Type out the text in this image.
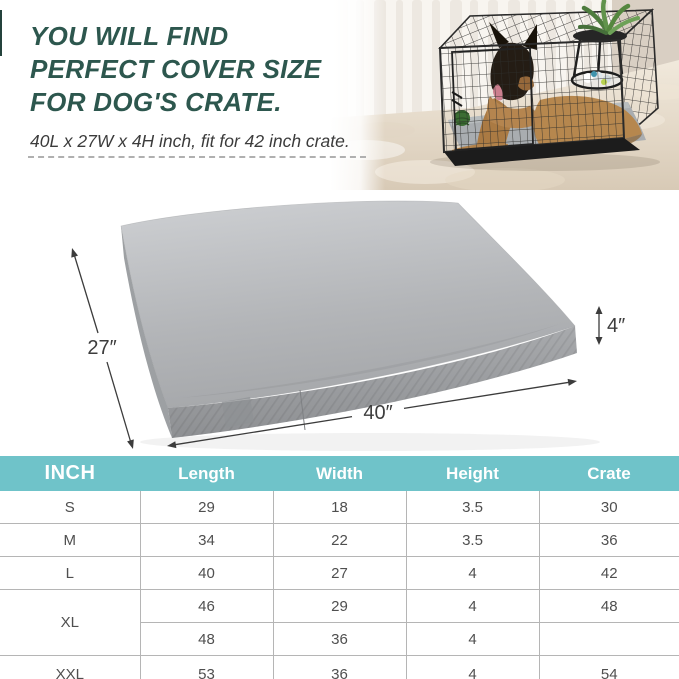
YOU WILL FIND
PERFECT COVER SIZE
FOR DOG'S CRATE.
40L x 27W x 4H inch, fit for 42 inch crate.
27″
40″
4″
INCH	Length	Width	Height	Crate
S	29	18	3.5	30
M	34	22	3.5	36
L	40	27	4	42
XL	46	29	4	48
	48	36	4	
XXL	53	36	4	54
